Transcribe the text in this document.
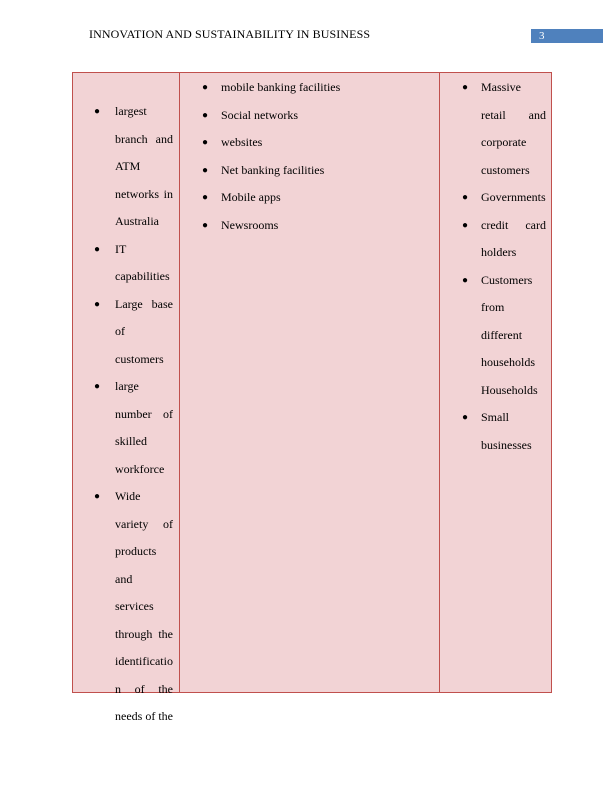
INNOVATION AND SUSTAINABILITY IN BUSINESS	3
● largest
branch and
ATM
networks in
Australia
● IT
capabilities
● Large base
of
customers
● large
number of
skilled
workforce
● Wide
variety of
products
and services
through the
identificatio
n of the
needs of the
● mobile banking facilities
● Social networks
● websites
● Net banking facilities
● Mobile apps
● Newsrooms
● Massive
retail and
corporate
customers
● Governments
● credit card
holders
● Customers
from
different
households
Households
● Small
businesses
